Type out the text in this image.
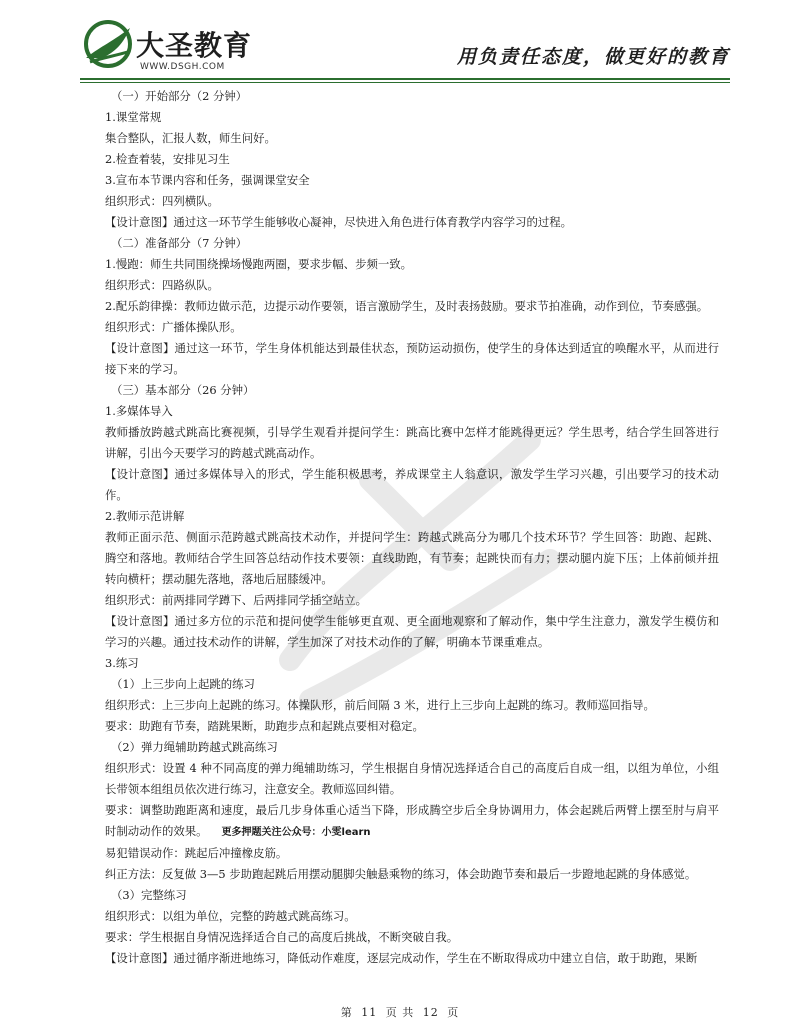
大圣教育
WWW.DSGH.COM	用负责任态度，做更好的教育
（一）开始部分（2 分钟）
1.课堂常规
集合整队，汇报人数，师生问好。
2.检查着装，安排见习生
3.宣布本节课内容和任务，强调课堂安全
组织形式：四列横队。
【设计意图】通过这一环节学生能够收心凝神，尽快进入角色进行体育教学内容学习的过程。
（二）准备部分（7 分钟）
1.慢跑：师生共同围绕操场慢跑两圈，要求步幅、步频一致。
组织形式：四路纵队。
2.配乐韵律操：教师边做示范，边提示动作要领，语言激励学生，及时表扬鼓励。要求节拍准确，动作到位，节奏感强。
组织形式：广播体操队形。
【设计意图】通过这一环节，学生身体机能达到最佳状态，预防运动损伤，使学生的身体达到适宜的唤醒水平，从而进行接下来的学习。
（三）基本部分（26 分钟）
1.多媒体导入
教师播放跨越式跳高比赛视频，引导学生观看并提问学生：跳高比赛中怎样才能跳得更远？学生思考，结合学生回答进行讲解，引出今天要学习的跨越式跳高动作。
【设计意图】通过多媒体导入的形式，学生能积极思考，养成课堂主人翁意识，激发学生学习兴趣，引出要学习的技术动作。
2.教师示范讲解
教师正面示范、侧面示范跨越式跳高技术动作，并提问学生：跨越式跳高分为哪几个技术环节？学生回答：助跑、起跳、腾空和落地。教师结合学生回答总结动作技术要领：直线助跑，有节奏；起跳快而有力；摆动腿内旋下压；上体前倾并扭转向横杆；摆动腿先落地，落地后屈膝缓冲。
组织形式：前两排同学蹲下、后两排同学插空站立。
【设计意图】通过多方位的示范和提问使学生能够更直观、更全面地观察和了解动作，集中学生注意力，激发学生模仿和学习的兴趣。通过技术动作的讲解，学生加深了对技术动作的了解，明确本节课重难点。
3.练习
（1）上三步向上起跳的练习
组织形式：上三步向上起跳的练习。体操队形，前后间隔 3 米，进行上三步向上起跳的练习。教师巡回指导。
要求：助跑有节奏，踏跳果断，助跑步点和起跳点要相对稳定。
（2）弹力绳辅助跨越式跳高练习
组织形式：设置 4 种不同高度的弹力绳辅助练习，学生根据自身情况选择适合自己的高度后自成一组，以组为单位，小组长带领本组组员依次进行练习，注意安全。教师巡回纠错。
要求：调整助跑距离和速度，最后几步身体重心适当下降，形成腾空步后全身协调用力，体会起跳后两臂上摆至肘与肩平时制动动作的效果。 更多押题关注公众号：小雯learn
易犯错误动作：跳起后冲撞橡皮筋。
纠正方法：反复做 3—5 步助跑起跳后用摆动腿脚尖触悬乘物的练习，体会助跑节奏和最后一步蹬地起跳的身体感觉。
（3）完整练习
组织形式：以组为单位，完整的跨越式跳高练习。
要求：学生根据自身情况选择适合自己的高度后挑战，不断突破自我。
【设计意图】通过循序渐进地练习，降低动作难度，逐层完成动作，学生在不断取得成功中建立自信，敢于助跑，果断
第 11 页 共 12 页
